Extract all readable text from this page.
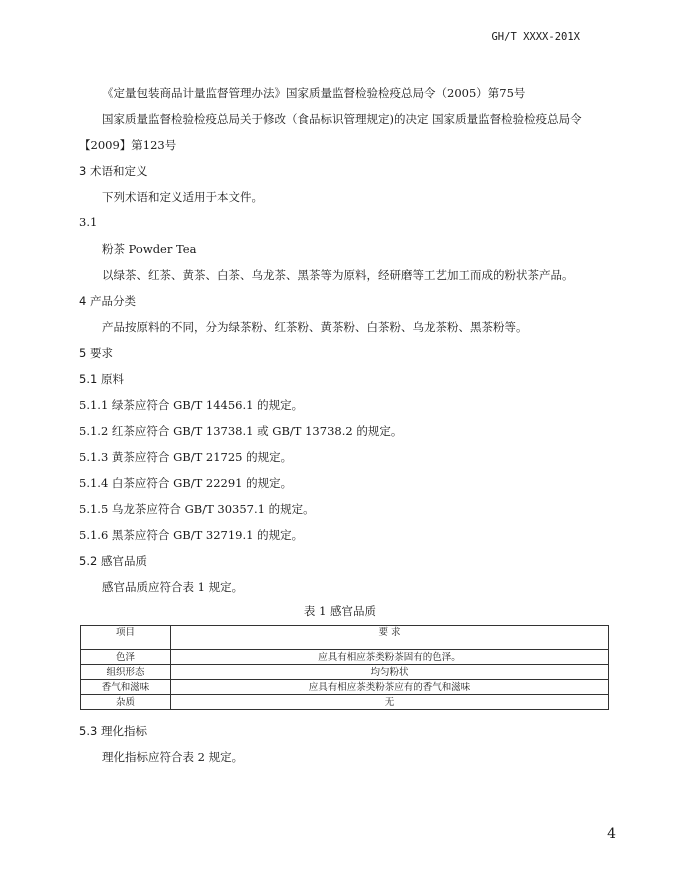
GH/T XXXX-201X
《定量包装商品计量监督管理办法》国家质量监督检验检疫总局令（2005）第75号
国家质量监督检验检疫总局关于修改（食品标识管理规定)的决定 国家质量监督检验检疫总局令
【2009】第123号
3 术语和定义
下列术语和定义适用于本文件。
3.1
粉茶 Powder Tea
以绿茶、红茶、黄茶、白茶、乌龙茶、黑茶等为原料，经研磨等工艺加工而成的粉状茶产品。
4 产品分类
产品按原料的不同，分为绿茶粉、红茶粉、黄茶粉、白茶粉、乌龙茶粉、黑茶粉等。
5 要求
5.1 原料
5.1.1 绿茶应符合 GB/T 14456.1 的规定。
5.1.2 红茶应符合 GB/T 13738.1 或 GB/T 13738.2 的规定。
5.1.3 黄茶应符合 GB/T 21725 的规定。
5.1.4 白茶应符合 GB/T 22291 的规定。
5.1.5 乌龙茶应符合 GB/T 30357.1 的规定。
5.1.6 黑茶应符合 GB/T 32719.1 的规定。
5.2 感官品质
感官品质应符合表 1 规定。
表 1 感官品质
项目	要 求
色泽	应具有相应茶类粉茶固有的色泽。
组织形态	均匀粉状
香气和滋味	应具有相应茶类粉茶应有的香气和滋味
杂质	无
5.3 理化指标
理化指标应符合表 2 规定。
4
